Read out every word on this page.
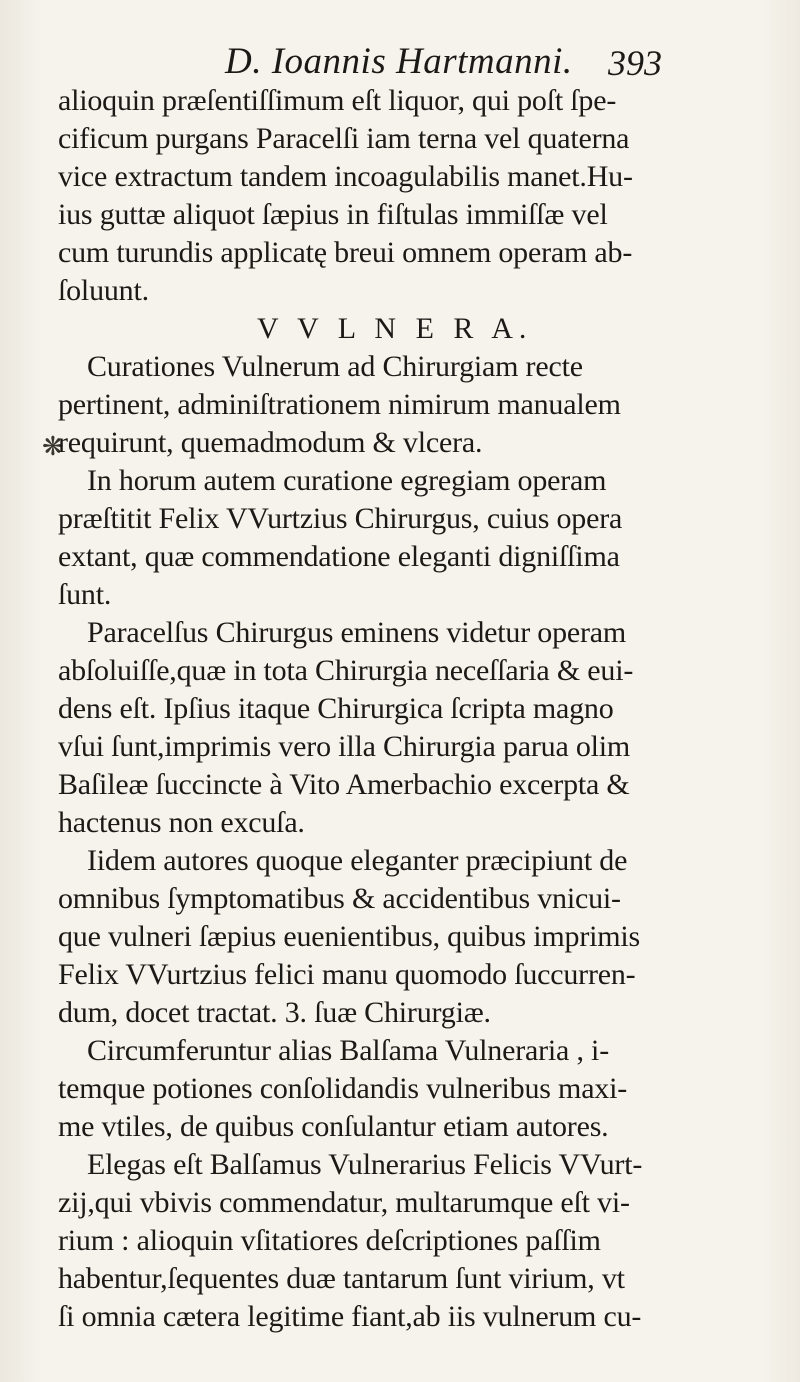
D. Ioannis Hartmanni. 393
❋
alioquin præſentiſſimum eſt liquor, qui poſt ſpe-
cificum purgans Paracelſi iam terna vel quaterna
vice extractum tandem incoagulabilis manet.Hu-
ius guttæ aliquot ſæpius in fiſtulas immiſſæ vel
cum turundis applicatę breui omnem operam ab-
ſoluunt.
V V L N E R A.
Curationes Vulnerum ad Chirurgiam recte
pertinent, adminiſtrationem nimirum manualem
requirunt, quemadmodum & vlcera.
In horum autem curatione egregiam operam
præſtitit Felix VVurtzius Chirurgus, cuius opera
extant, quæ commendatione eleganti digniſſima
ſunt.
Paracelſus Chirurgus eminens videtur operam
abſoluiſſe,quæ in tota Chirurgia neceſſaria & eui-
dens eſt. Ipſius itaque Chirurgica ſcripta magno
vſui ſunt,imprimis vero illa Chirurgia parua olim
Baſileæ ſuccincte à Vito Amerbachio excerpta &
hactenus non excuſa.
Iidem autores quoque eleganter præcipiunt de
omnibus ſymptomatibus & accidentibus vnicui-
que vulneri ſæpius euenientibus, quibus imprimis
Felix VVurtzius felici manu quomodo ſuccurren-
dum, docet tractat. 3. ſuæ Chirurgiæ.
Circumferuntur alias Balſama Vulneraria , i-
temque potiones conſolidandis vulneribus maxi-
me vtiles, de quibus conſulantur etiam autores.
Elegas eſt Balſamus Vulnerarius Felicis VVurt-
zij,qui vbivis commendatur, multarumque eſt vi-
rium : alioquin vſitatiores deſcriptiones paſſim
habentur,ſequentes duæ tantarum ſunt virium, vt
ſi omnia cætera legitime fiant,ab iis vulnerum cu-
